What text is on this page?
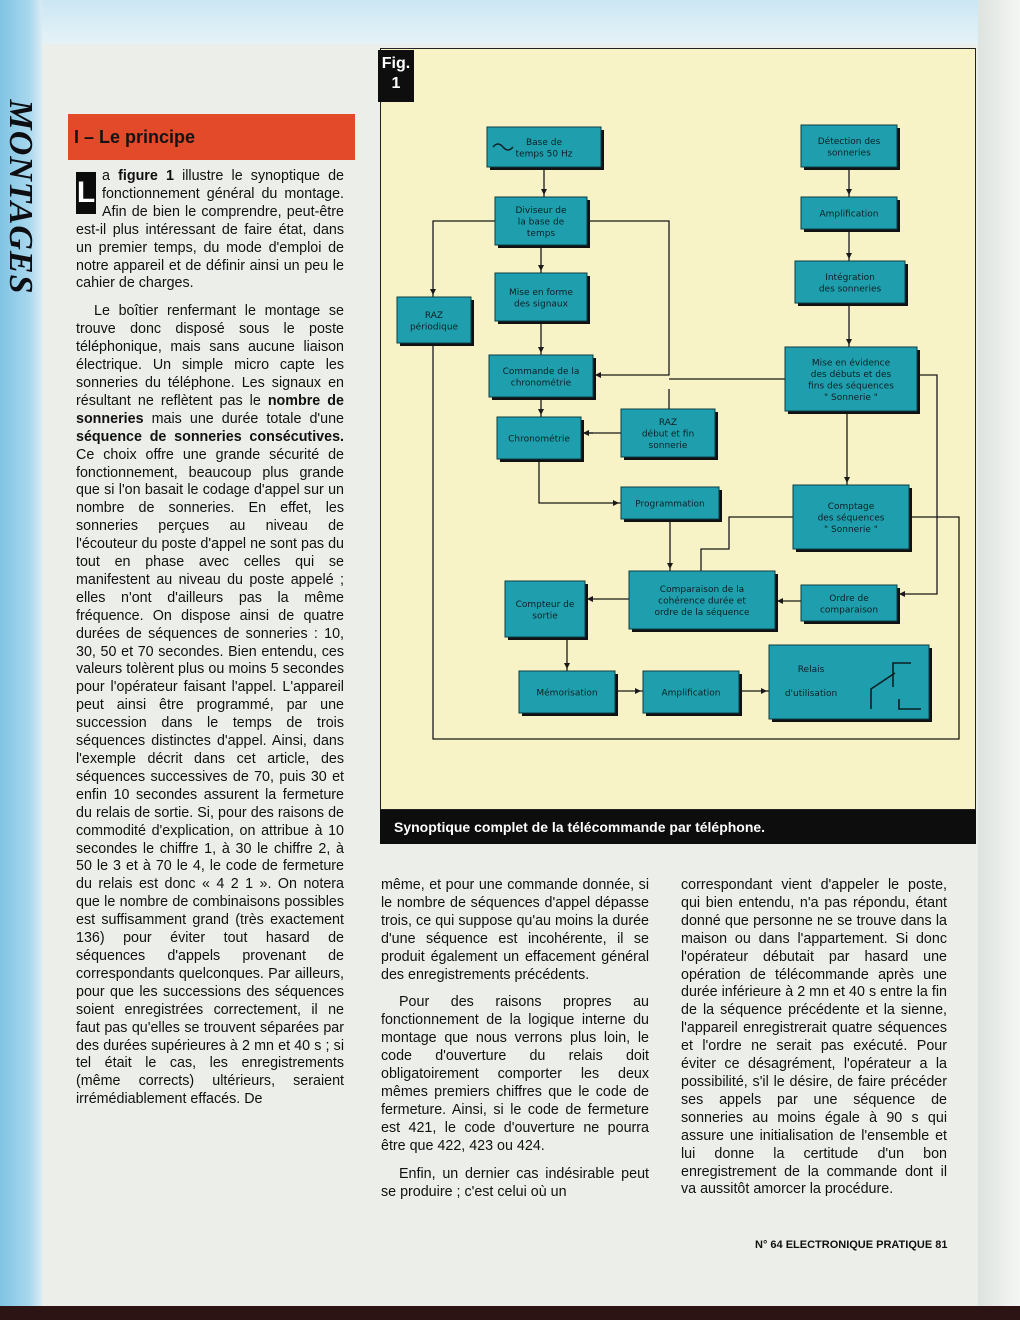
MONTAGES	I – Le principe

L a figure 1 illustre le synoptique de fonctionnement général du montage. Afin de bien le comprendre, peut-être est-il plus intéressant de faire état, dans un premier temps, du mode d'emploi de notre appareil et de définir ainsi un peu le cahier de charges.

Le boîtier renfermant le montage se trouve donc disposé sous le poste téléphonique, mais sans aucune liaison électrique. Un simple micro capte les sonneries du téléphone. Les signaux en résultant ne reflètent pas le nombre de sonneries mais une durée totale d'une séquence de sonneries consécutives. Ce choix offre une grande sécurité de fonctionnement, beaucoup plus grande que si l'on basait le codage d'appel sur un nombre de sonneries. En effet, les sonneries perçues au niveau de l'écouteur du poste d'appel ne sont pas du tout en phase avec celles qui se manifestent au niveau du poste appelé ; elles n'ont d'ailleurs pas la même fréquence. On dispose ainsi de quatre durées de séquences de sonneries : 10, 30, 50 et 70 secondes. Bien entendu, ces valeurs tolèrent plus ou moins 5 secondes pour l'opérateur faisant l'appel. L'appareil peut ainsi être programmé, par une succession dans le temps de trois séquences distinctes d'appel. Ainsi, dans l'exemple décrit dans cet article, des séquences successives de 70, puis 30 et enfin 10 secondes assurent la fermeture du relais de sortie. Si, pour des raisons de commodité d'explication, on attribue à 10 secondes le chiffre 1, à 30 le chiffre 2, à 50 le 3 et à 70 le 4, le code de fermeture du relais est donc « 4 2 1 ». On notera que le nombre de combinaisons possibles est suffisamment grand (très exactement 136) pour éviter tout hasard de séquences d'appels provenant de correspondants quelconques. Par ailleurs, pour que les successions des séquences soient enregistrées correctement, il ne faut pas qu'elles se trouvent séparées par des durées supérieures à 2 mn et 40 s ; si tel était le cas, les enregistrements (même corrects) ultérieurs, seraient irrémédiablement effacés. De

même, et pour une commande donnée, si le nombre de séquences d'appel dépasse trois, ce qui suppose qu'au moins la durée d'une séquence est incohérente, il se produit également un effacement général des enregistrements précédents.

Pour des raisons propres au fonctionnement de la logique interne du montage que nous verrons plus loin, le code d'ouverture du relais doit obligatoirement comporter les deux mêmes premiers chiffres que le code de fermeture. Ainsi, si le code de fermeture est 421, le code d'ouverture ne pourra être que 422, 423 ou 424.

Enfin, un dernier cas indésirable peut se produire ; c'est celui où un

correspondant vient d'appeler le poste, qui bien entendu, n'a pas répondu, étant donné que personne ne se trouve dans la maison ou dans l'appartement. Si donc l'opérateur débutait par hasard une opération de télécommande après une durée inférieure à 2 mn et 40 s entre la fin de la séquence précédente et la sienne, l'appareil enregistrerait quatre séquences et l'ordre ne serait pas exécuté. Pour éviter ce désagrément, l'opérateur a la possibilité, s'il le désire, de faire précéder ses appels par une séquence de sonneries au moins égale à 90 s qui assure une initialisation de l'ensemble et lui donne la certitude d'un bon enregistrement de la commande dont il va aussitôt amorcer la procédure.

N° 64 ELECTRONIQUE PRATIQUE 81
Base de
temps 50 Hz
Diviseur de
la base de
temps
Mise en forme
des signaux
RAZ
périodique
Commande de la
chronométrie
Chronométrie
RAZ
début et fin
sonnerie
Programmation
Détection des
sonneries
Amplification
Intégration
des sonneries
Mise en évidence
des débuts et des
fins des séquences
" Sonnerie "
Comptage
des séquences
" Sonnerie "
Comparaison de la
cohérence durée et
ordre de la séquence
Ordre de
comparaison
Compteur de
sortie
Mémorisation	Amplification
Relais
d'utilisation
Fig.
1
Synoptique complet de la télécommande par téléphone.
